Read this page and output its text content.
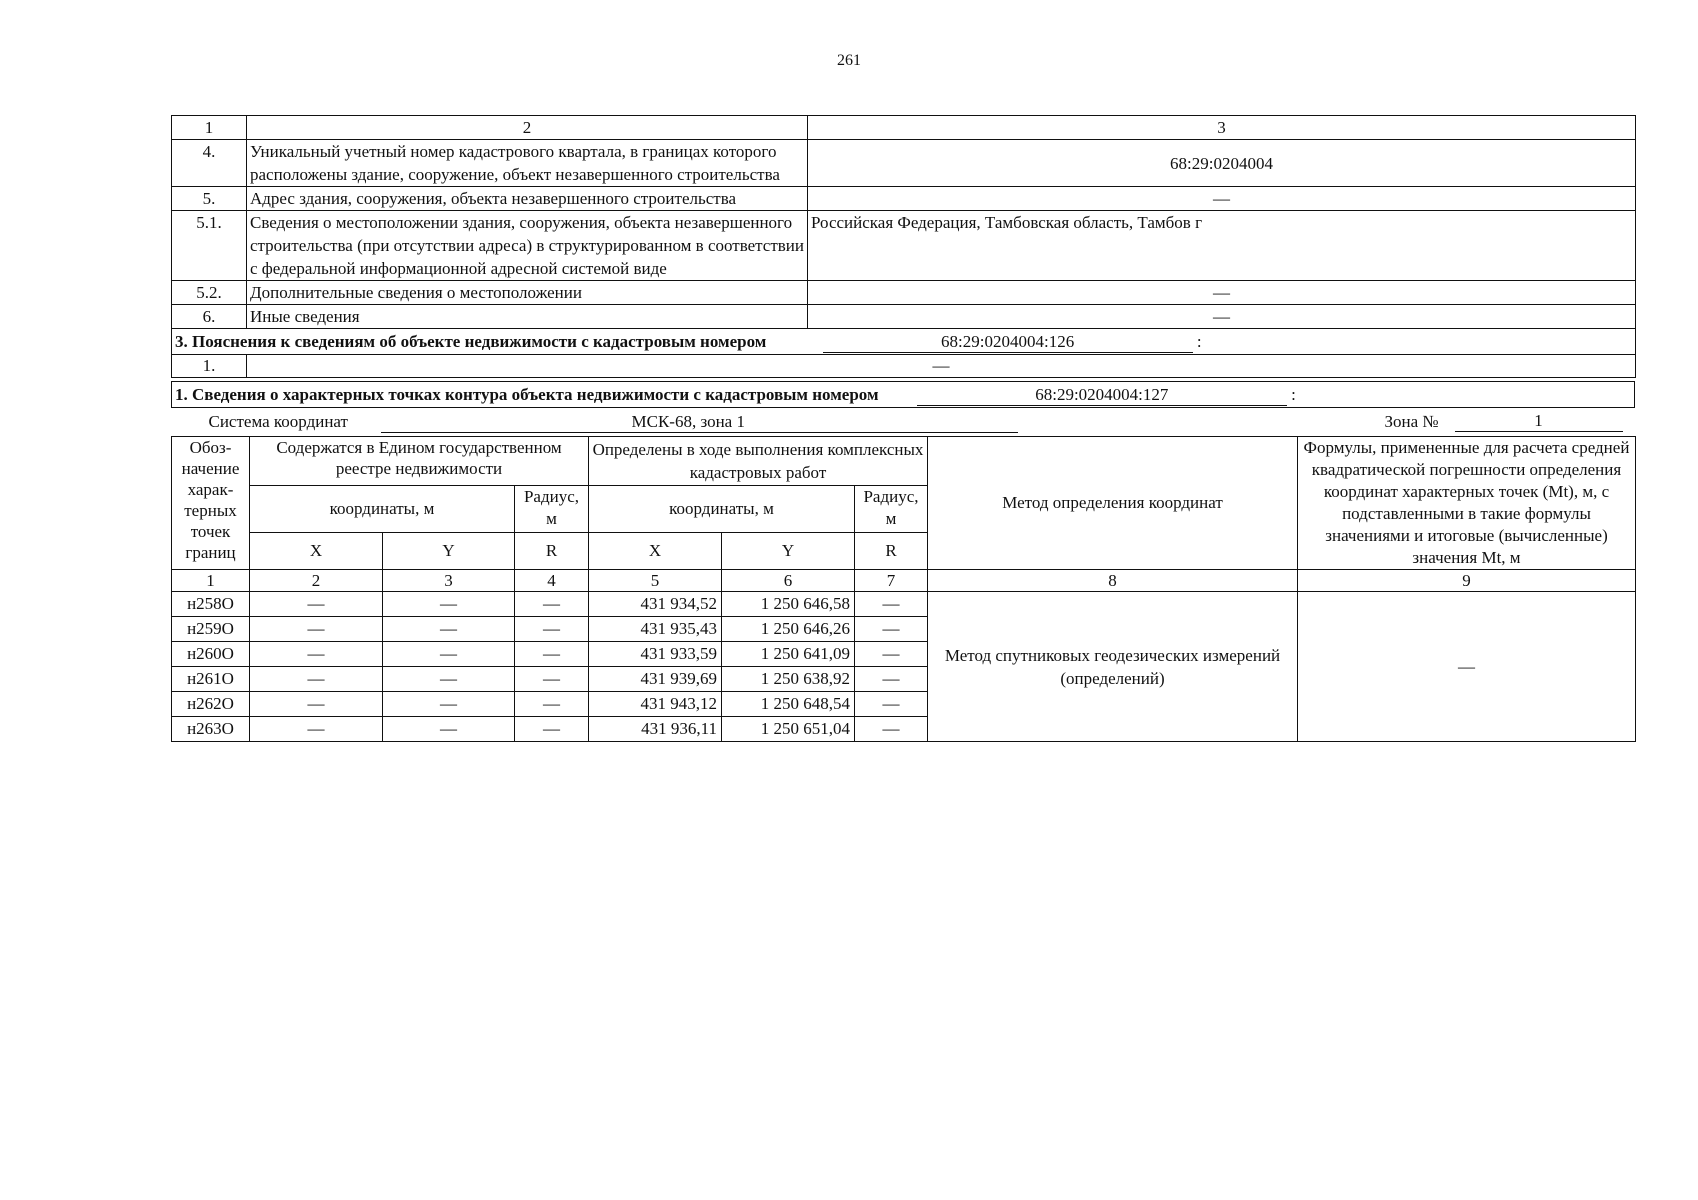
261
1	2	3
4.	Уникальный учетный номер кадастрового квартала, в границах которого расположены здание, сооружение, объект незавершенного строительства	68:29:0204004
5.	Адрес здания, сооружения, объекта незавершенного строительства	—
5.1.	Сведения о местоположении здания, сооружения, объекта незавершенного строительства (при отсутствии адреса) в структурированном в соответствии с федеральной информационной адресной системой виде	Российская Федерация, Тамбовская область, Тамбов г
5.2.	Дополнительные сведения о местоположении	—
6.	Иные сведения	—
3. Пояснения к сведениям об объекте недвижимости с кадастровым номером 68:29:0204004:126 :		
1.	—	
1. Сведения о характерных точках контура объекта недвижимости с кадастровым номером	68:29:0204004:127	:
Система координат МСК-68, зона 1 Зона № 1								

Обоз-начение харак-терных точек границ	Содержатся в Едином государственном реестре недвижимости			Определены в ходе выполнения комплексных кадастровых работ			Метод определения координат	Формулы, примененные для расчета средней квадратической погрешности определения координат характерных точек (Mt), м, с подставленными в такие формулы значениями и итоговые (вычисленные) значения Mt, м
	координаты, м		Радиус, м	координаты, м		Радиус, м		
	X	Y	R	X	Y	R		
1	2	3	4	5	6	7	8	9
н258О	—	—	—	431 934,52	1 250 646,58	—	Метод спутниковых геодезических измерений (определений)	—
н259О	—	—	—	431 935,43	1 250 646,26	—		
н260О	—	—	—	431 933,59	1 250 641,09	—		
н261О	—	—	—	431 939,69	1 250 638,92	—		
н262О	—	—	—	431 943,12	1 250 648,54	—		
н263О	—	—	—	431 936,11	1 250 651,04	—		
